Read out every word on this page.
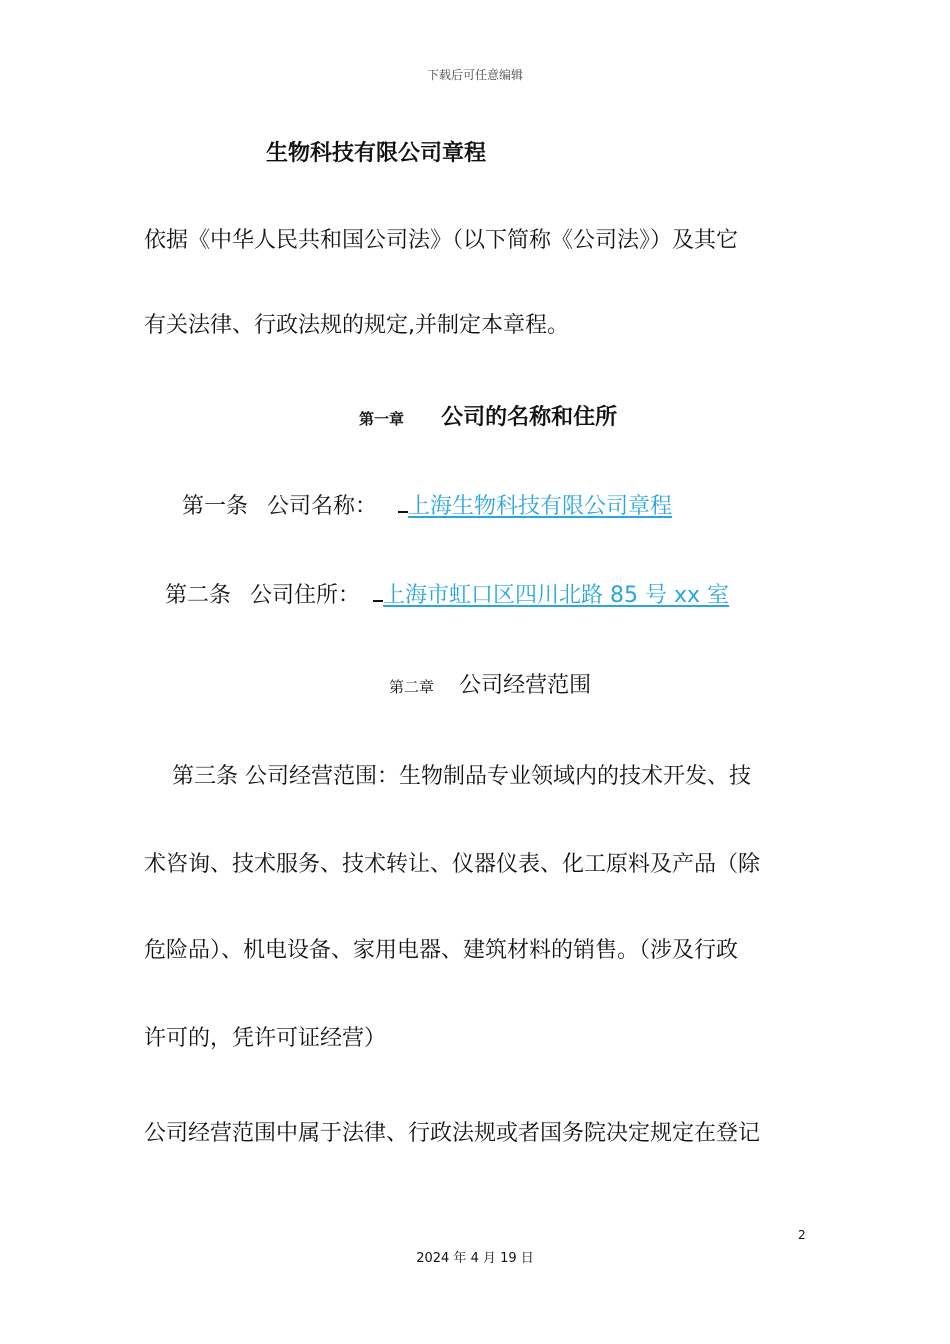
下载后可任意编辑
生物科技有限公司章程
依据《中华人民共和国公司法》（以下简称《公司法》）及其它
有关法律、行政法规的规定,并制定本章程。
第一章 公司的名称和住所
第一条 公司名称： 上海生物科技有限公司章程
第二条 公司住所： 上海市虹口区四川北路 85 号 xx 室
第二章 公司经营范围
第三条 公司经营范围：生物制品专业领域内的技术开发、技
术咨询、技术服务、技术转让、仪器仪表、化工原料及产品（除
危险品）、机电设备、家用电器、建筑材料的销售。（涉及行政
许可的，凭许可证经营）
公司经营范围中属于法律、行政法规或者国务院决定规定在登记
2
2024 年 4 月 19 日
